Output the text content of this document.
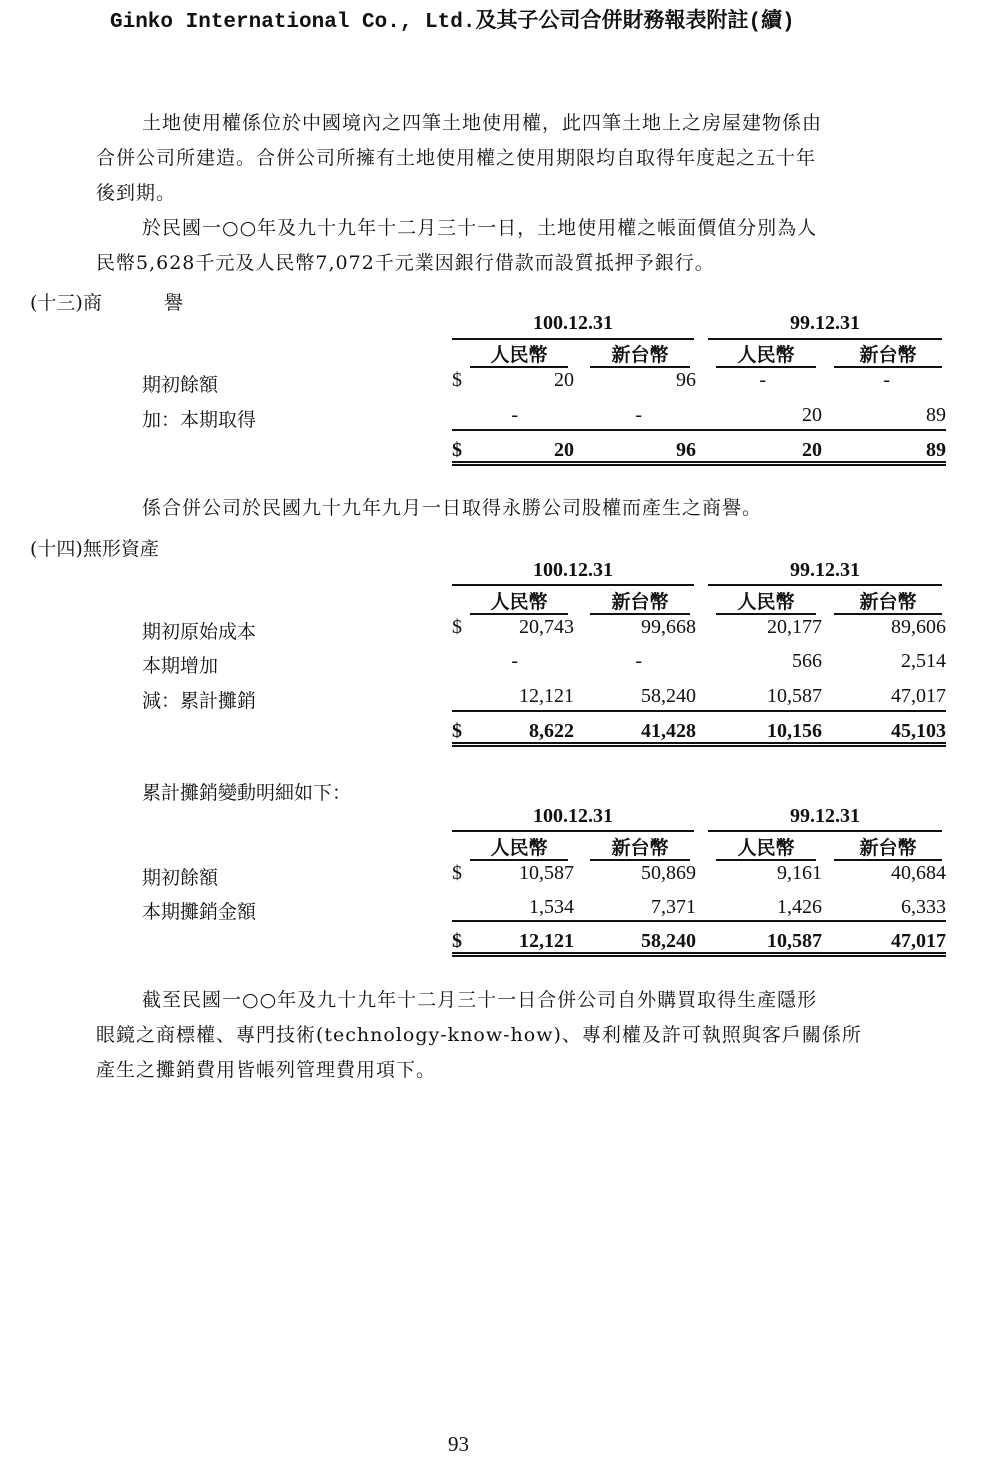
Ginko International Co., Ltd.及其子公司合併財務報表附註(續)
土地使用權係位於中國境內之四筆土地使用權，此四筆土地上之房屋建物係由
合併公司所建造。合併公司所擁有土地使用權之使用期限均自取得年度起之五十年
後到期。
於民國一○○年及九十九年十二月三十一日，土地使用權之帳面價值分別為人
民幣5,628千元及人民幣7,072千元業因銀行借款而設質抵押予銀行。
(十三)商	譽
100.12.31	99.12.31
人民幣	新台幣	人民幣	新台幣
期初餘額	$	20	96	-	-
加：本期取得	-	-	20	89
$	20	96	20	89
係合併公司於民國九十九年九月一日取得永勝公司股權而產生之商譽。
(十四)無形資產
100.12.31	99.12.31
人民幣	新台幣	人民幣	新台幣
期初原始成本	$	20,743	99,668	20,177	89,606
本期增加	-	-	566	2,514
減：累計攤銷	12,121	58,240	10,587	47,017
$	8,622	41,428	10,156	45,103
累計攤銷變動明細如下：
100.12.31	99.12.31
人民幣	新台幣	人民幣	新台幣
期初餘額	$	10,587	50,869	9,161	40,684
本期攤銷金額	1,534	7,371	1,426	6,333
$	12,121	58,240	10,587	47,017
截至民國一○○年及九十九年十二月三十一日合併公司自外購買取得生產隱形
眼鏡之商標權、專門技術(technology-know-how)、專利權及許可執照與客戶關係所
產生之攤銷費用皆帳列管理費用項下。
93
